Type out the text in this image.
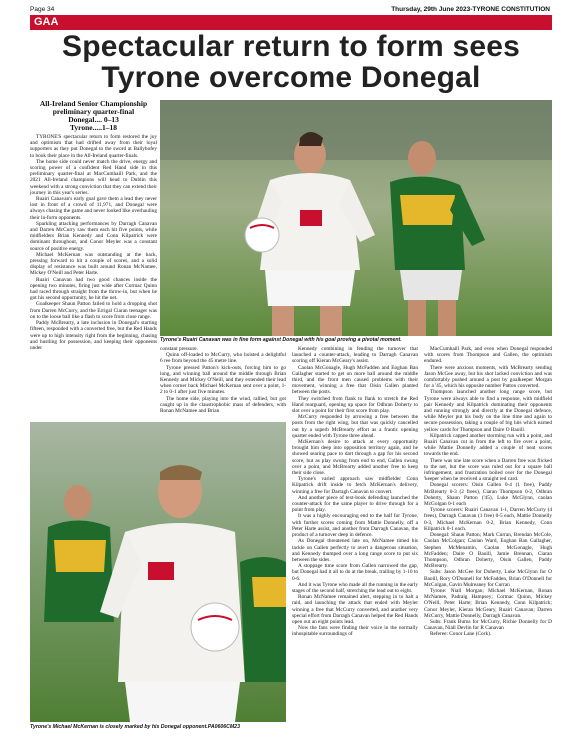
Page 34	Thursday, 29th June 2023-TYRONE CONSTITUTION
GAA
Spectacular return to form sees
Tyrone overcome Donegal
All-Ireland Senior Championship
preliminary quarter-final
Donegal.... 0–13
Tyrone.....1–18

TYRONE'S spectacular return to form restored the joy and optimism that had drifted away from their loyal supporters as they put Donegal to the sword at Ballybofey to book their place in the All-Ireland quarter-finals.

The home side could never match the drive, energy and scoring power of a confident Red Hand side in this preliminary quarter-final at MacCumhaill Park, and the 2021 All-Ireland champions will head to Dublin this weekend with a strong conviction that they can extend their journey in this year's series.

Ruairi Canavan's early goal gave them a lead they never lost in front of a crowd of 11,971, and Donegal were always chasing the game and never looked like overhauling their in-form opponents.

Sparkling attacking performances by Darragh Canavan and Darren McCurry saw them each hit five points, while midfielders Brian Kennedy and Conn Kilpatrick were dominant throughout, and Conor Meyler was a constant source of positive energy.

Michael McKernan was outstanding at the back, pressing forward to hit a couple of scores, and a solid display of resistance was built around Ronan McNamee, Mickey O'Neill and Peter Harte.

Ruairi Canavan had two good chances inside the opening two minutes, firing just wide after Cormac Quinn had raced through straight from the throw-in, but when he got his second opportunity, he hit the net.

Goalkeeper Shaun Patton failed to hold a dropping shot from Darren McCurry, and the Errigal Ciaran teenager was on to the loose ball like a flash to score from close range.

Paddy McBrearty, a late inclusion in Donegal's starting fifteen, responded with a converted free, but the Red Hands were up to high intensity right from the beginning, chasing and hustling for possession, and keeping their opponents under

Tyrone's Ruairi Canavan was in fine form against Donegal with his goal proving a pivotal moment.

constant pressure.

Quinn off-loaded to McCurry, who hoisted a delightful 6 ree from beyond the 45 metre line.

Tyrone pressed Patton's kick-outs, forcing him to go long, and winning ball around the middle through Brian Kennedy and Mickey O'Neill, and they extended their lead when corner back Michael McKernan sent over a point, 1-2 to 0-1 after just five minutes.

The home side, playing into the wind, rallied, but got caught up in the claustrophobic mass of defenders, with Ronan McNamee and Brian

Tyrone's Michael McKernan is closely marked by his Donegal opponent.PA0606CM23

Kennedy combining in fending the turnover that launched a counter-attack, leading to Darragh Canavan scoring off Kieran McGeary's assist.

Caolan McGonagle, Hugh McFadden and Eoghan Ban Gallagher started to get on more ball around the middle third, and the front men caused problems with their movement, winning a free that Oisin Gallen planted between the posts.

They switched from flank to flank to stretch the Red Hand rearguard, opening up space for Odhran Doherty to slot over a point for their first score from play.

McCurry responded by arrowing a free between the posts from the right wing, but that was quickly cancelled out by a superb McBrearty effort as a frantic opening quarter ended with Tyrone three ahead.

McKernan's desire to attack at every opportunity brought him deep into opposition territory again, and he showed searing pace to dart through a gap for his second score, but as play swung from end to end, Gallen swung over a point, and McBrearty added another free to keep their side close.

Tyrone's varied approach saw midfielder Conn Kilpatrick drift inside to fetch McKernan's delivery, winning a free for Darragh Canavan to convert.

And another piece of text-book defending launched the counter-attack for the same player to drive through for a point from play.

It was a highly encouraging end to the half for Tyrone, with further scores coming from Mattie Donnelly, off a Peter Harte assist, and another from Darragh Canavan, the product of a turnover deep in defence.

As Donegal threatened late on, McNamee timed his tackle on Gallen perfectly to avert a dangerous situation, and Kennedy thumped over a long range score to put six between the sides.

A stoppage time score from Gallen narrowed the gap, but Donegal had it all to do at the break, trailing by 1-10 to 0-6.

And it was Tyrone who made all the running in the early stages of the second half, stretching the lead out to eight.

Ronan McNamee remained alert, stepping in to halt a raid, and launching the attack that ended with Meyler winning a free that McCurry converted, and another very special effort from Darragh Canavan helped the Red Hands open out an eight points lead.

Now the fans were finding their voice in the normally inhospitable surroundings of

MacCumhaill Park, and even when Donegal responded with scores from Thompson and Gallen, the optimism endured.

There were anxious moments, with McBrearty sending Jason McGee away, but his shot lacked conviction and was comfortably pushed around a post by goalkeeper Morgan for a '45, which his opposite number Patton converted.

Thompson launched another long range score, but Tyrone were always able to find a response, with midfield pair Kennedy and Kilpatrick dominating their opponents and running strongly and directly at the Donegal defence, while Meyler put his body on the line time and again to secure possession, taking a couple of big hits which earned yellow cards for Thompson and Daire O Baoill.

Kilpatrick capped another storming run with a point, and Ruairi Canavan cut in from the left to fire over a point, while Mattie Donnelly added a couple of neat scores towards the end.

There was one late score when a Darren free was flicked to the net, but the score was ruled out for a square ball infringement, and frustration boiled over for the Donegal 'keeper when he received a straight red card.

Donegal scorers: Oisin Gallen 0-4 (1 free), Paddy McBrearty 0-3 (2 frees), Ciaran Thompson 0-2, Odhran Doherty, Shaun Patton ('45), Luke McGlynn, caolan McGolgan 0-1 each

Tyrone scorers: Ruairi Canavan 1-1, Darren McCurry (4 frees), Darragh Canavan (1 free) 0-5 each, Mattie Donnelly 0-3, Michael McKernan 0-2, Brian Kennedy, Conn Kilpatrick 0-1 each.

Donegal: Shaun Patton; Mark Curran, Brendan McCole, Caolan McColgan; Caolan Ward, Eoghan Ban Gallagher, Stephen McMenamin, Caolan McGonagle, Hugh McFadden; Daire O Baoill, Jamie Brennan, Ciaran Thompson, Odhran Doherty, Oisin Gallen, Paddy McBrearty.

Subs: Jason McGee for Doherty, Luke McGlynn for O Baoill, Rory O'Donnell for McFadden, Brian O'Donnell for McColgan, Gavin Mulreaney for Curran

Tyrone: Niall Morgan; Michael McKernan, Ronan McNamee, Padraig Hampsey; Cormac Quinn, Mickey O'Neill, Peter Harte; Brian Kennedy, Conn Kilpatrick; Conor Meyler, Kieran McGeary, Ruairi Canavan; Darren McCurry, Mattie Donnelly, Darragh Canavan.

Subs: Frank Burns for McCurry, Richie Donnelly for D Canavan, Niall Devlin for R Canavan

Referee: Conor Lane (Cork).
